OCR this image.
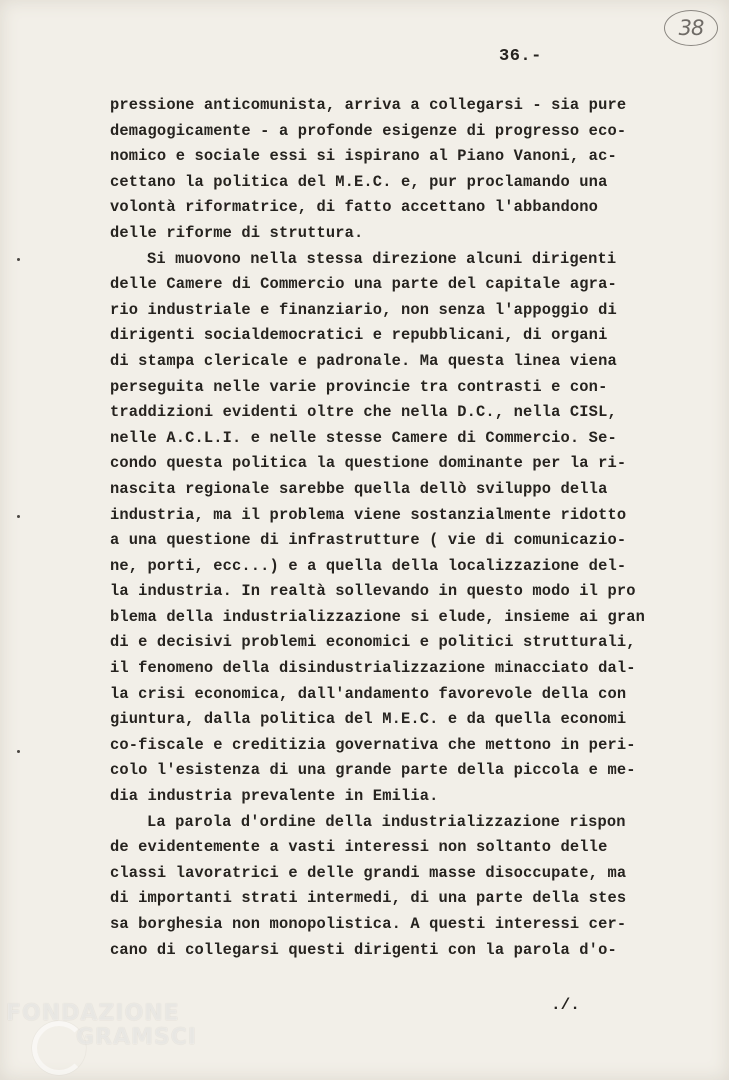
38
36.-
pressione anticomunista, arriva a collegarsi - sia pure
demagogicamente - a profonde esigenze di progresso eco-
nomico e sociale essi si ispirano al Piano Vanoni, ac-
cettano la politica del M.E.C. e, pur proclamando una
volontà riformatrice, di fatto accettano l'abbandono
delle riforme di struttura.
Si muovono nella stessa direzione alcuni dirigenti
delle Camere di Commercio una parte del capitale agra-
rio industriale e finanziario, non senza l'appoggio di
dirigenti socialdemocratici e repubblicani, di organi
di stampa clericale e padronale. Ma questa linea viena
perseguita nelle varie provincie tra contrasti e con-
traddizioni evidenti oltre che nella D.C., nella CISL,
nelle A.C.L.I. e nelle stesse Camere di Commercio. Se-
condo questa politica la questione dominante per la ri-
nascita regionale sarebbe quella dellò sviluppo della
industria, ma il problema viene sostanzialmente ridotto
a una questione di infrastrutture ( vie di comunicazio-
ne, porti, ecc...) e a quella della localizzazione del-
la industria. In realtà sollevando in questo modo il pro
blema della industrializzazione si elude, insieme ai gran
di e decisivi problemi economici e politici strutturali,
il fenomeno della disindustrializzazione minacciato dal-
la crisi economica, dall'andamento favorevole della con
giuntura, dalla politica del M.E.C. e da quella economi
co-fiscale e creditizia governativa che mettono in peri-
colo l'esistenza di una grande parte della piccola e me-
dia industria prevalente in Emilia.
La parola d'ordine della industrializzazione rispon
de evidentemente a vasti interessi non soltanto delle
classi lavoratrici e delle grandi masse disoccupate, ma
di importanti strati intermedi, di una parte della stes
sa borghesia non monopolistica. A questi interessi cer-
cano di collegarsi questi dirigenti con la parola d'o-
./.
FONDAZIONE
GRAMSCI
